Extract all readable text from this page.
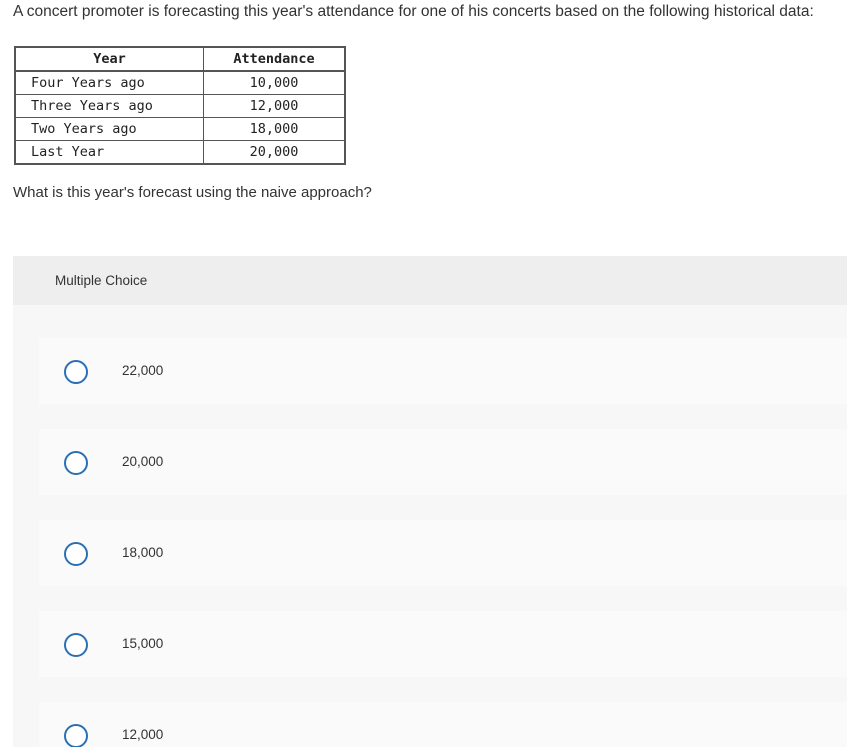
A concert promoter is forecasting this year's attendance for one of his concerts based on the following historical data:
Year	Attendance
Four Years ago	10,000
Three Years ago	12,000
Two Years ago	18,000
Last Year	20,000
What is this year's forecast using the naive approach?
Multiple Choice
22,000
20,000
18,000
15,000
12,000
